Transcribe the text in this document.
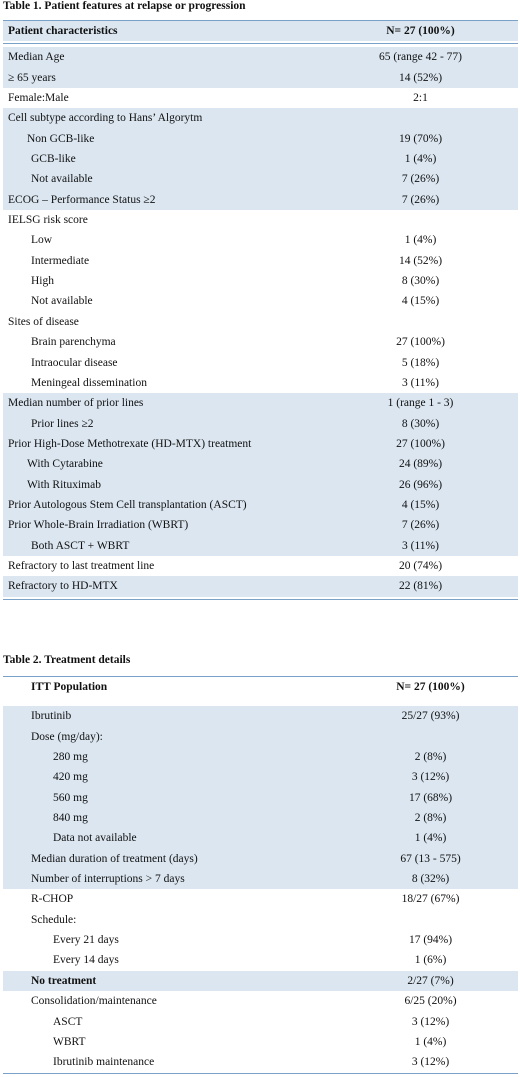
Table 1. Patient features at relapse or progression
Patient characteristics	N= 27 (100%)
Median Age	65 (range 42 - 77)
≥ 65 years	14 (52%)
Female:Male	2:1
Cell subtype according to Hans’ Algorytm
Non GCB-like	19 (70%)
GCB-like	1 (4%)
Not available	7 (26%)
ECOG – Performance Status ≥2	7 (26%)
IELSG risk score
Low	1 (4%)
Intermediate	14 (52%)
High	8 (30%)
Not available	4 (15%)
Sites of disease
Brain parenchyma	27 (100%)
Intraocular disease	5 (18%)
Meningeal dissemination	3 (11%)
Median number of prior lines	1 (range 1 - 3)
Prior lines ≥2	8 (30%)
Prior High-Dose Methotrexate (HD-MTX) treatment	27 (100%)
With Cytarabine	24 (89%)
With Rituximab	26 (96%)
Prior Autologous Stem Cell transplantation (ASCT)	4 (15%)
Prior Whole-Brain Irradiation (WBRT)	7 (26%)
Both ASCT + WBRT	3 (11%)
Refractory to last treatment line	20 (74%)
Refractory to HD-MTX	22 (81%)
Table 2. Treatment details
ITT Population	N= 27 (100%)
Ibrutinib	25/27 (93%)
Dose (mg/day):
280 mg	2 (8%)
420 mg	3 (12%)
560 mg	17 (68%)
840 mg	2 (8%)
Data not available	1 (4%)
Median duration of treatment (days)	67 (13 - 575)
Number of interruptions > 7 days	8 (32%)
R-CHOP	18/27 (67%)
Schedule:
Every 21 days	17 (94%)
Every 14 days	1 (6%)
No treatment	2/27 (7%)
Consolidation/maintenance	6/25 (20%)
ASCT	3 (12%)
WBRT	1 (4%)
Ibrutinib maintenance	3 (12%)
